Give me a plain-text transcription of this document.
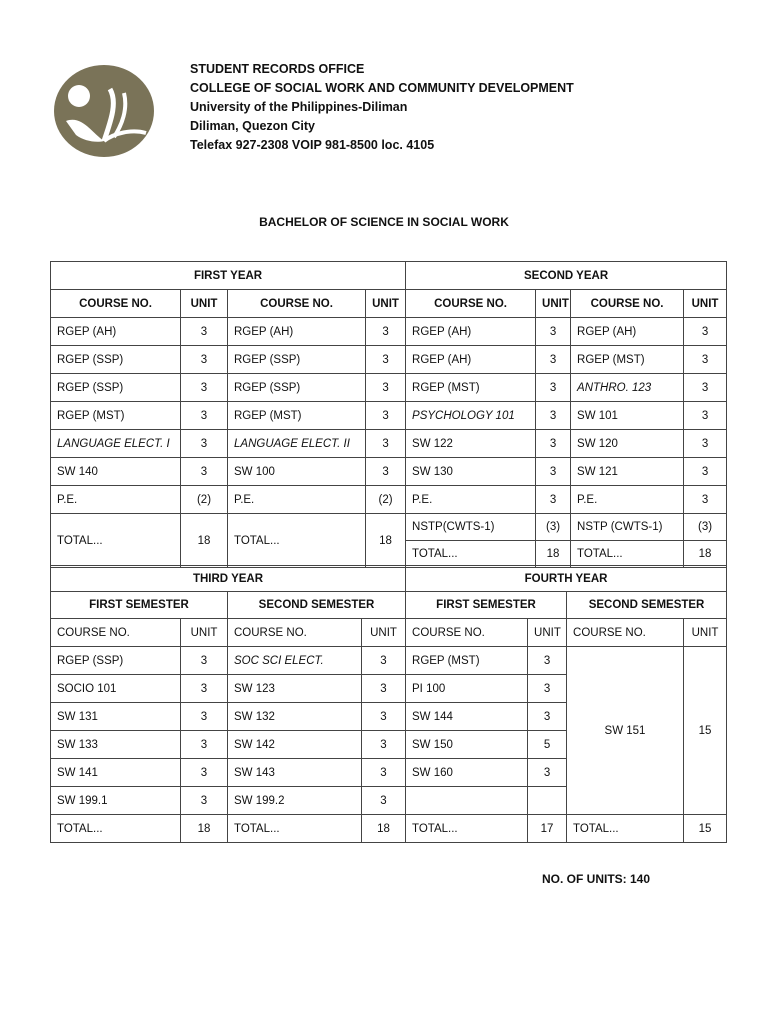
STUDENT RECORDS OFFICE
COLLEGE OF SOCIAL WORK AND COMMUNITY DEVELOPMENT
University of the Philippines-Diliman
Diliman, Quezon City
Telefax 927-2308 VOIP 981-8500 loc. 4105
BACHELOR OF SCIENCE IN SOCIAL WORK
FIRST YEAR				SECOND YEAR			
COURSE NO.	UNIT	COURSE NO.	UNIT	COURSE NO.	UNIT	COURSE NO.	UNIT
RGEP (AH)	3	RGEP (AH)	3	RGEP (AH)	3	RGEP (AH)	3
RGEP (SSP)	3	RGEP (SSP)	3	RGEP (AH)	3	RGEP (MST)	3
RGEP (SSP)	3	RGEP (SSP)	3	RGEP (MST)	3	ANTHRO. 123	3
RGEP (MST)	3	RGEP (MST)	3	PSYCHOLOGY 101	3	SW 101	3
LANGUAGE ELECT. I	3	LANGUAGE ELECT. II	3	SW 122	3	SW 120	3
SW 140	3	SW 100	3	SW 130	3	SW 121	3
P.E.	(2)	P.E.	(2)	P.E.	3	P.E.	3
TOTAL...	18	TOTAL...	18	NSTP(CWTS-1)	(3)	NSTP (CWTS-1)	(3)
				TOTAL...	18	TOTAL...	18
THIRD YEAR				FOURTH YEAR			
FIRST SEMESTER		SECOND SEMESTER		FIRST SEMESTER		SECOND SEMESTER	
COURSE NO.	UNIT	COURSE NO.	UNIT	COURSE NO.	UNIT	COURSE NO.	UNIT
RGEP (SSP)	3	SOC SCI ELECT.	3	RGEP (MST)	3	SW 151	15
SOCIO 101	3	SW 123	3	PI 100	3		
SW 131	3	SW 132	3	SW 144	3		
SW 133	3	SW 142	3	SW 150	5		
SW 141	3	SW 143	3	SW 160	3		
SW 199.1	3	SW 199.2	3				
TOTAL...	18	TOTAL...	18	TOTAL...	17	TOTAL...	15
NO. OF UNITS: 140
